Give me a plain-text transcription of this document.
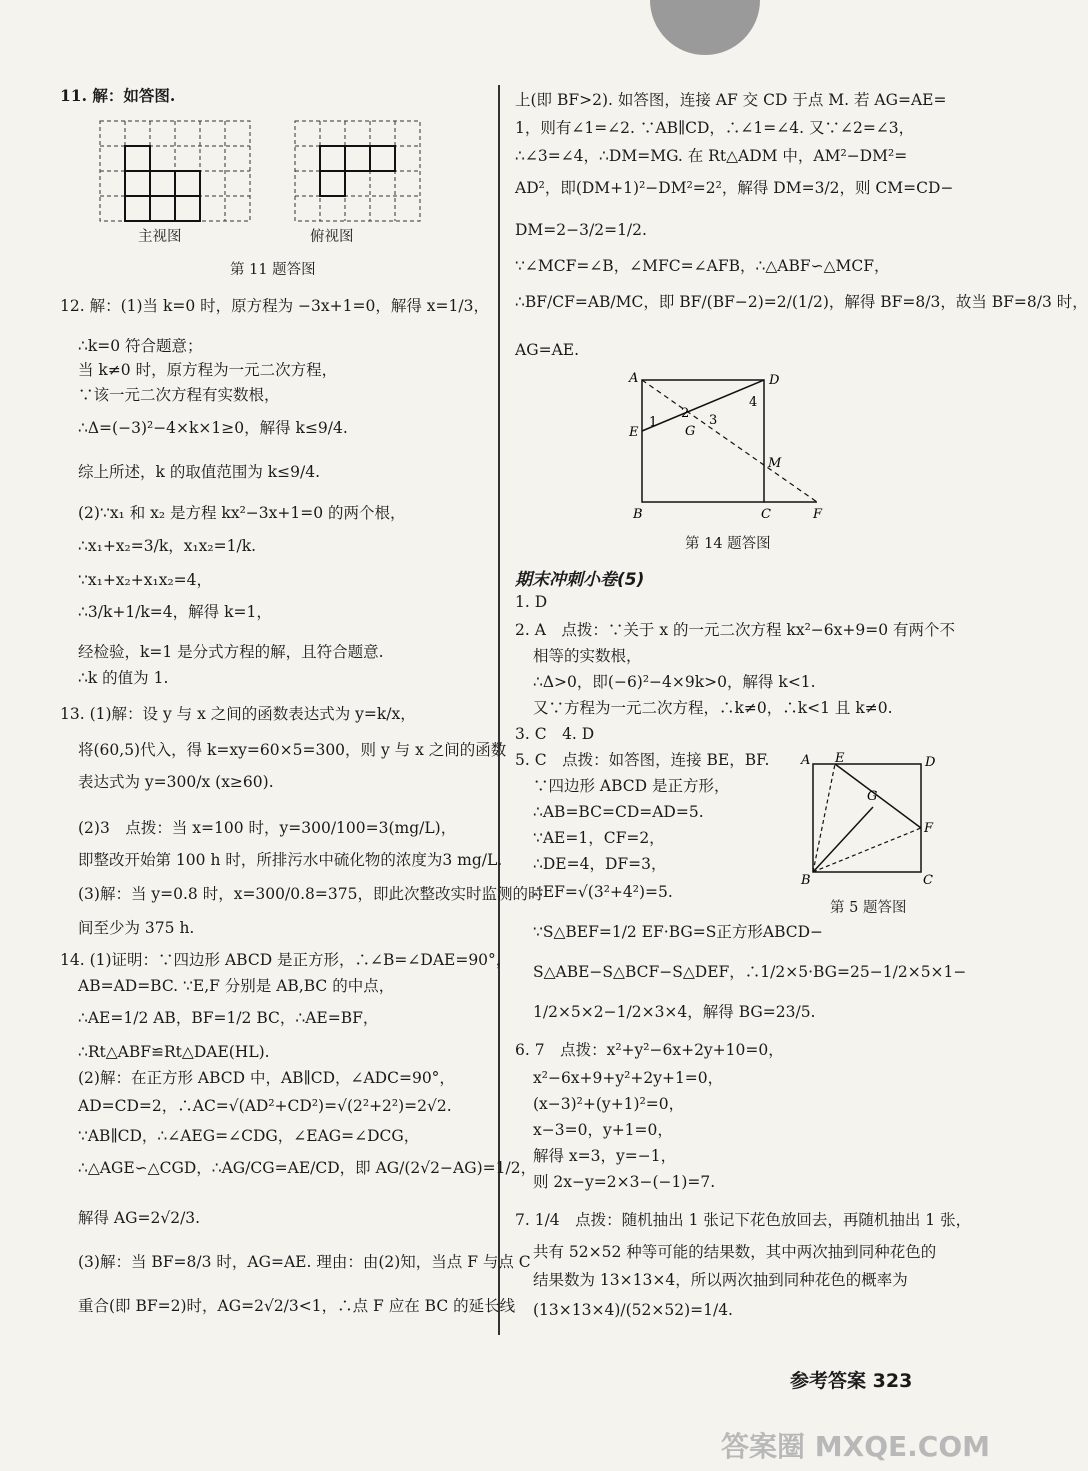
11. 解：如答图.
主视图	俯视图
第 11 题答图
12. 解：(1)当 k=0 时，原方程为 −3x+1=0，解得 x=1/3，
∴k=0 符合题意；
当 k≠0 时，原方程为一元二次方程，
∵该一元二次方程有实数根，
∴Δ=(−3)²−4×k×1≥0，解得 k≤9/4.
综上所述，k 的取值范围为 k≤9/4.
(2)∵x₁ 和 x₂ 是方程 kx²−3x+1=0 的两个根，
∴x₁+x₂=3/k，x₁x₂=1/k.
∵x₁+x₂+x₁x₂=4，
∴3/k+1/k=4，解得 k=1，
经检验，k=1 是分式方程的解，且符合题意.
∴k 的值为 1.
13. (1)解：设 y 与 x 之间的函数表达式为 y=k/x，
将(60,5)代入，得 k=xy=60×5=300，则 y 与 x 之间的函数
表达式为 y=300/x (x≥60).
(2)3　点拨：当 x=100 时，y=300/100=3(mg/L)，
即整改开始第 100 h 时，所排污水中硫化物的浓度为3 mg/L.
(3)解：当 y=0.8 时，x=300/0.8=375，即此次整改实时监测的时
间至少为 375 h.
14. (1)证明：∵四边形 ABCD 是正方形，∴∠B=∠DAE=90°，
AB=AD=BC. ∵E,F 分别是 AB,BC 的中点，
∴AE=1/2 AB，BF=1/2 BC，∴AE=BF，
∴Rt△ABF≌Rt△DAE(HL).
(2)解：在正方形 ABCD 中，AB∥CD，∠ADC=90°，
AD=CD=2，∴AC=√(AD²+CD²)=√(2²+2²)=2√2.
∵AB∥CD，∴∠AEG=∠CDG，∠EAG=∠DCG，
∴△AGE∽△CGD，∴AG/CG=AE/CD，即 AG/(2√2−AG)=1/2，
解得 AG=2√2/3.
(3)解：当 BF=8/3 时，AG=AE. 理由：由(2)知，当点 F 与点 C
重合(即 BF=2)时，AG=2√2/3<1，∴点 F 应在 BC 的延长线
上(即 BF>2). 如答图，连接 AF 交 CD 于点 M. 若 AG=AE=
1，则有∠1=∠2. ∵AB∥CD，∴∠1=∠4. 又∵∠2=∠3，
∴∠3=∠4，∴DM=MG. 在 Rt△ADM 中，AM²−DM²=
AD²，即(DM+1)²−DM²=2²，解得 DM=3/2，则 CM=CD−
DM=2−3/2=1/2.
∵∠MCF=∠B，∠MFC=∠AFB，∴△ABF∽△MCF，
∴BF/CF=AB/MC，即 BF/(BF−2)=2/(1/2)，解得 BF=8/3，故当 BF=8/3 时，
AG=AE.
A	D
E	G
M
B	C	F
1
2 3
4
第 14 题答图
期末冲刺小卷(5)
1. D
2. A　点拨：∵关于 x 的一元二次方程 kx²−6x+9=0 有两个不
相等的实数根，
∴Δ>0，即(−6)²−4×9k>0，解得 k<1.
又∵方程为一元二次方程，∴k≠0，∴k<1 且 k≠0.
3. C　4. D
5. C　点拨：如答图，连接 BE，BF.
∵四边形 ABCD 是正方形，
∴AB=BC=CD=AD=5.
∵AE=1，CF=2，
∴DE=4，DF=3，
∴EF=√(3²+4²)=5.
A E	D
G
F
B	C
第 5 题答图
∵S△BEF=1/2 EF·BG=S正方形ABCD−
S△ABE−S△BCF−S△DEF，∴1/2×5·BG=25−1/2×5×1−
1/2×5×2−1/2×3×4，解得 BG=23/5.
6. 7　点拨：x²+y²−6x+2y+10=0，
x²−6x+9+y²+2y+1=0，
(x−3)²+(y+1)²=0，
x−3=0，y+1=0，
解得 x=3，y=−1，
则 2x−y=2×3−(−1)=7.
7. 1/4　点拨：随机抽出 1 张记下花色放回去，再随机抽出 1 张，
共有 52×52 种等可能的结果数，其中两次抽到同种花色的
结果数为 13×13×4，所以两次抽到同种花色的概率为
(13×13×4)/(52×52)=1/4.
参考答案 323
答案圈 MXQE.COM
